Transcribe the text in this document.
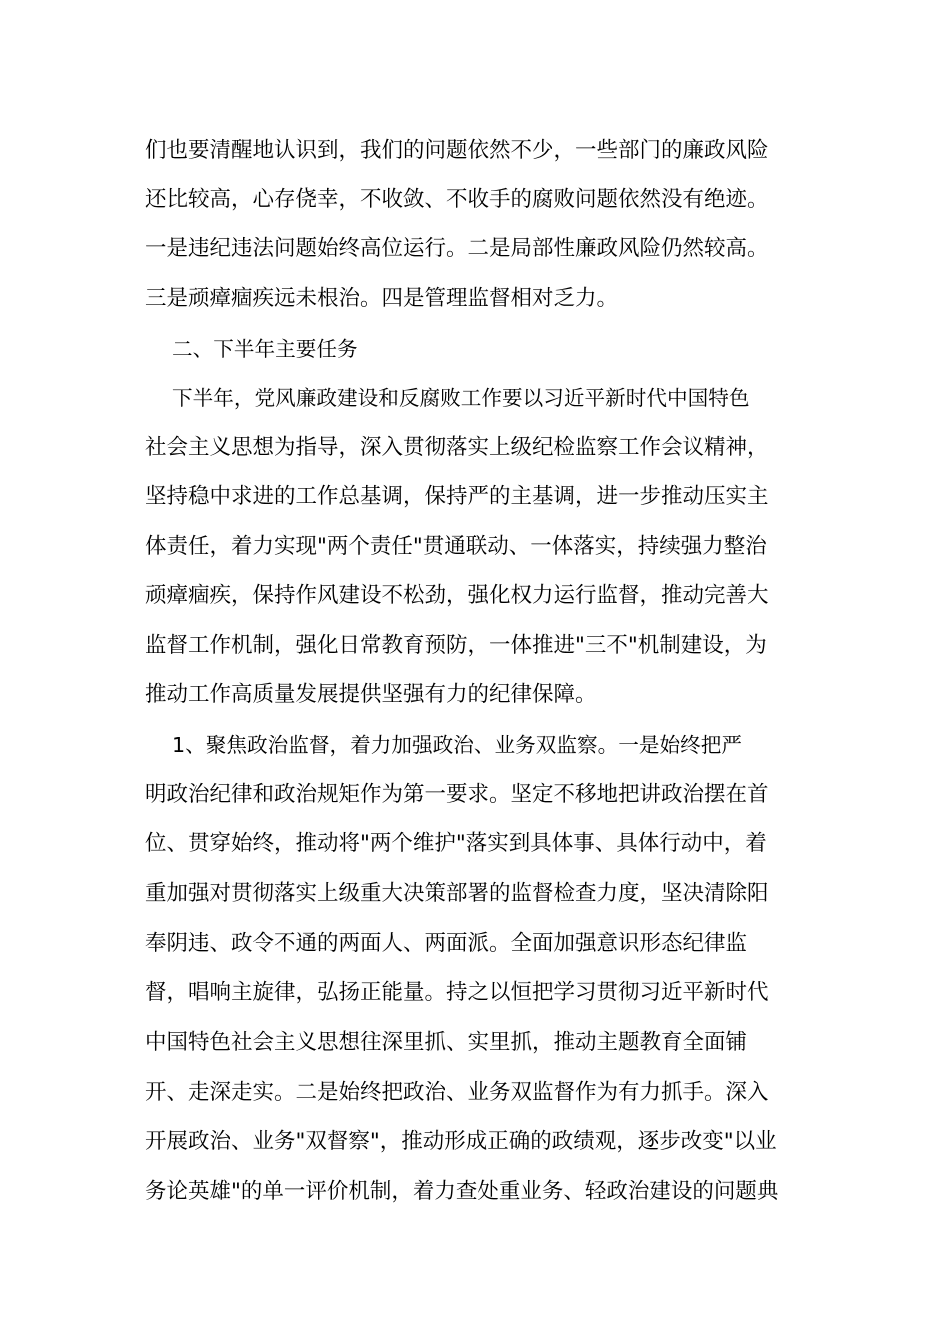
们也要清醒地认识到，我们的问题依然不少，一些部门的廉政风险
还比较高，心存侥幸，不收敛、不收手的腐败问题依然没有绝迹。
一是违纪违法问题始终高位运行。二是局部性廉政风险仍然较高。
三是顽瘴痼疾远未根治。四是管理监督相对乏力。
二、下半年主要任务
下半年，党风廉政建设和反腐败工作要以习近平新时代中国特色
社会主义思想为指导，深入贯彻落实上级纪检监察工作会议精神，
坚持稳中求进的工作总基调，保持严的主基调，进一步推动压实主
体责任，着力实现"两个责任"贯通联动、一体落实，持续强力整治
顽瘴痼疾，保持作风建设不松劲，强化权力运行监督，推动完善大
监督工作机制，强化日常教育预防，一体推进"三不"机制建设，为
推动工作高质量发展提供坚强有力的纪律保障。
1、聚焦政治监督，着力加强政治、业务双监察。一是始终把严
明政治纪律和政治规矩作为第一要求。坚定不移地把讲政治摆在首
位、贯穿始终，推动将"两个维护"落实到具体事、具体行动中，着
重加强对贯彻落实上级重大决策部署的监督检查力度，坚决清除阳
奉阴违、政令不通的两面人、两面派。全面加强意识形态纪律监
督，唱响主旋律，弘扬正能量。持之以恒把学习贯彻习近平新时代
中国特色社会主义思想往深里抓、实里抓，推动主题教育全面铺
开、走深走实。二是始终把政治、业务双监督作为有力抓手。深入
开展政治、业务"双督察"，推动形成正确的政绩观，逐步改变"以业
务论英雄"的单一评价机制，着力查处重业务、轻政治建设的问题典
